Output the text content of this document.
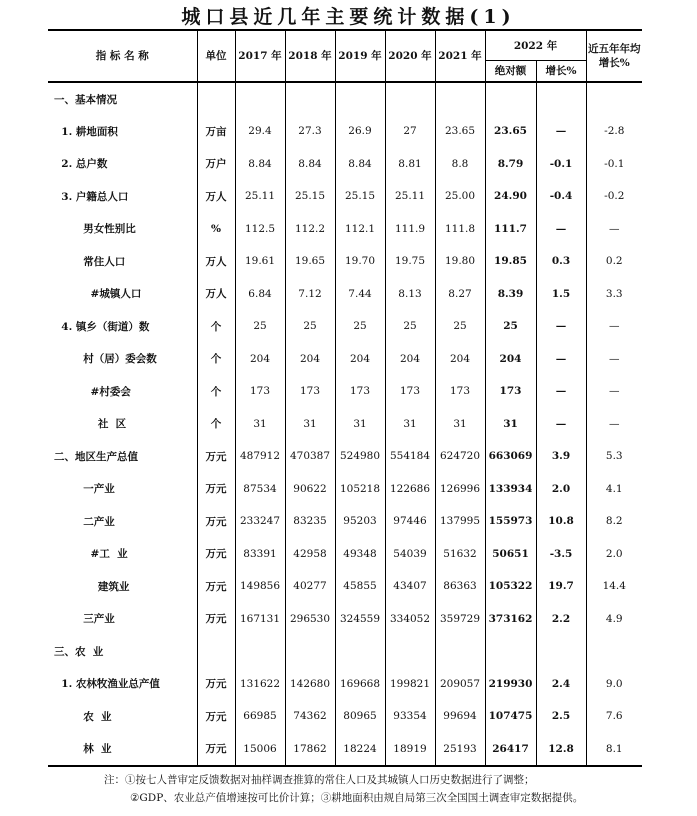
城口县近几年主要统计数据(1)
指 标 名 称	单位	2017 年	2018 年	2019 年	2020 年	2021 年	2022 年		近五年年均增长%
							绝对额	增长%	
一、基本情况									
1. 耕地面积	万亩	29.4	27.3	26.9	27	23.65	23.65	—	-2.8
2. 总户数	万户	8.84	8.84	8.84	8.81	8.8	8.79	-0.1	-0.1
3. 户籍总人口	万人	25.11	25.15	25.15	25.11	25.00	24.90	-0.4	-0.2
男女性别比	%	112.5	112.2	112.1	111.9	111.8	111.7	—	—
常住人口	万人	19.61	19.65	19.70	19.75	19.80	19.85	0.3	0.2
#城镇人口	万人	6.84	7.12	7.44	8.13	8.27	8.39	1.5	3.3
4. 镇乡（街道）数	个	25	25	25	25	25	25	—	—
村（居）委会数	个	204	204	204	204	204	204	—	—
#村委会	个	173	173	173	173	173	173	—	—
社  区	个	31	31	31	31	31	31	—	—
二、地区生产总值	万元	487912	470387	524980	554184	624720	663069	3.9	5.3
一产业	万元	87534	90622	105218	122686	126996	133934	2.0	4.1
二产业	万元	233247	83235	95203	97446	137995	155973	10.8	8.2
#工  业	万元	83391	42958	49348	54039	51632	50651	-3.5	2.0
建筑业	万元	149856	40277	45855	43407	86363	105322	19.7	14.4
三产业	万元	167131	296530	324559	334052	359729	373162	2.2	4.9
三、农  业									
1. 农林牧渔业总产值	万元	131622	142680	169668	199821	209057	219930	2.4	9.0
农  业	万元	66985	74362	80965	93354	99694	107475	2.5	7.6
林  业	万元	15006	17862	18224	18919	25193	26417	12.8	8.1
注：①按七人普审定反馈数据对抽样调查推算的常住人口及其城镇人口历史数据进行了调整；
②GDP、农业总产值增速按可比价计算；③耕地面积由规自局第三次全国国土调查审定数据提供。
